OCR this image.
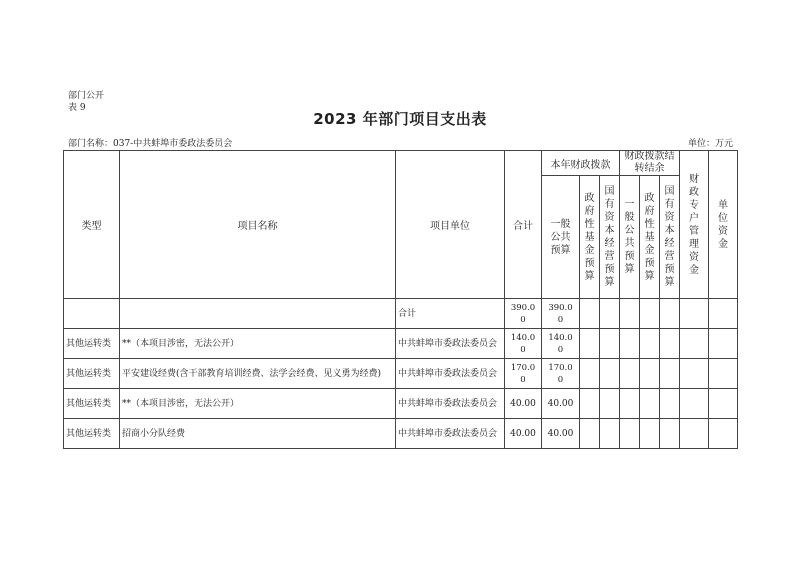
部门公开
表 9
2023 年部门项目支出表
部门名称：037-中共蚌埠市委政法委员会	单位：万元
类型	项目名称	项目单位	合计	本年财政拨款			财政拨款结转结余			财政专户管理资金	单位资金
				一般公共预算	政府性基金预算	国有资本经营预算	一般公共预算	政府性基金预算	国有资本经营预算		
		合计	390.00	390.00							
其他运转类	**（本项目涉密，无法公开）	中共蚌埠市委政法委员会	140.00	140.00							
其他运转类	平安建设经费(含干部教育培训经费、法学会经费、见义勇为经费)	中共蚌埠市委政法委员会	170.00	170.00							
其他运转类	**（本项目涉密，无法公开）	中共蚌埠市委政法委员会	40.00	40.00							
其他运转类	招商小分队经费	中共蚌埠市委政法委员会	40.00	40.00							
